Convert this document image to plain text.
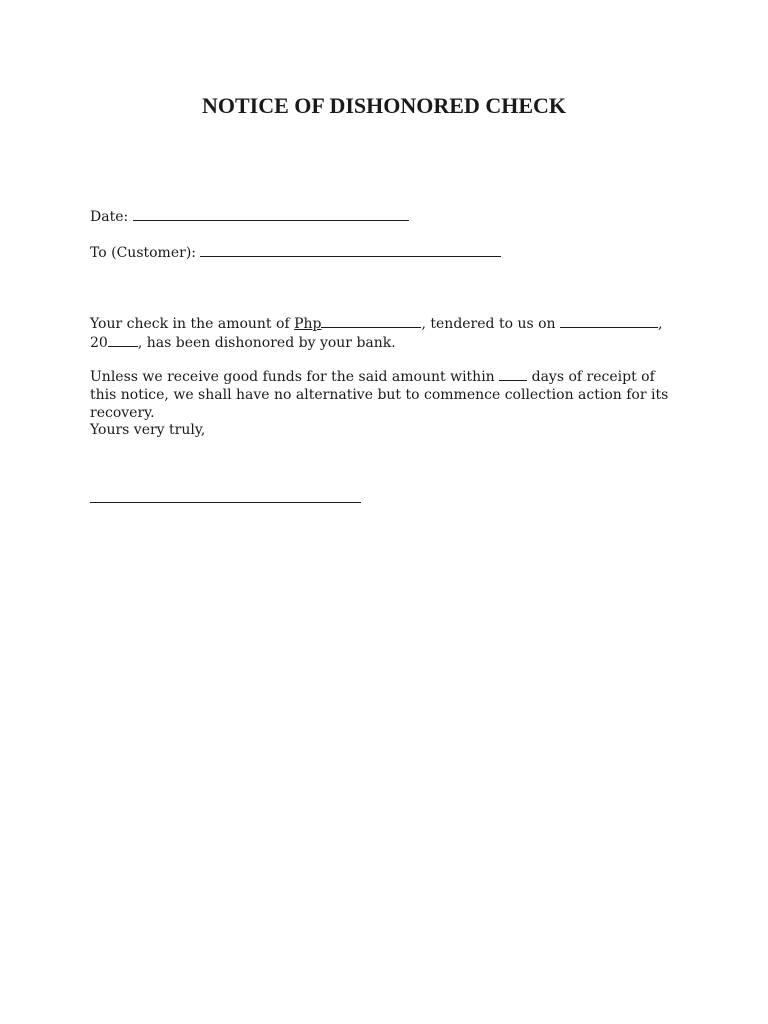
NOTICE OF DISHONORED CHECK
Date:
To (Customer):

Your check in the amount of Php	, tendered to us on	,
20 , has been dishonored by your bank.

Unless we receive good funds for the said amount within  days of receipt of this notice, we shall have no alternative but to commence collection action for its recovery.

Yours very truly,
